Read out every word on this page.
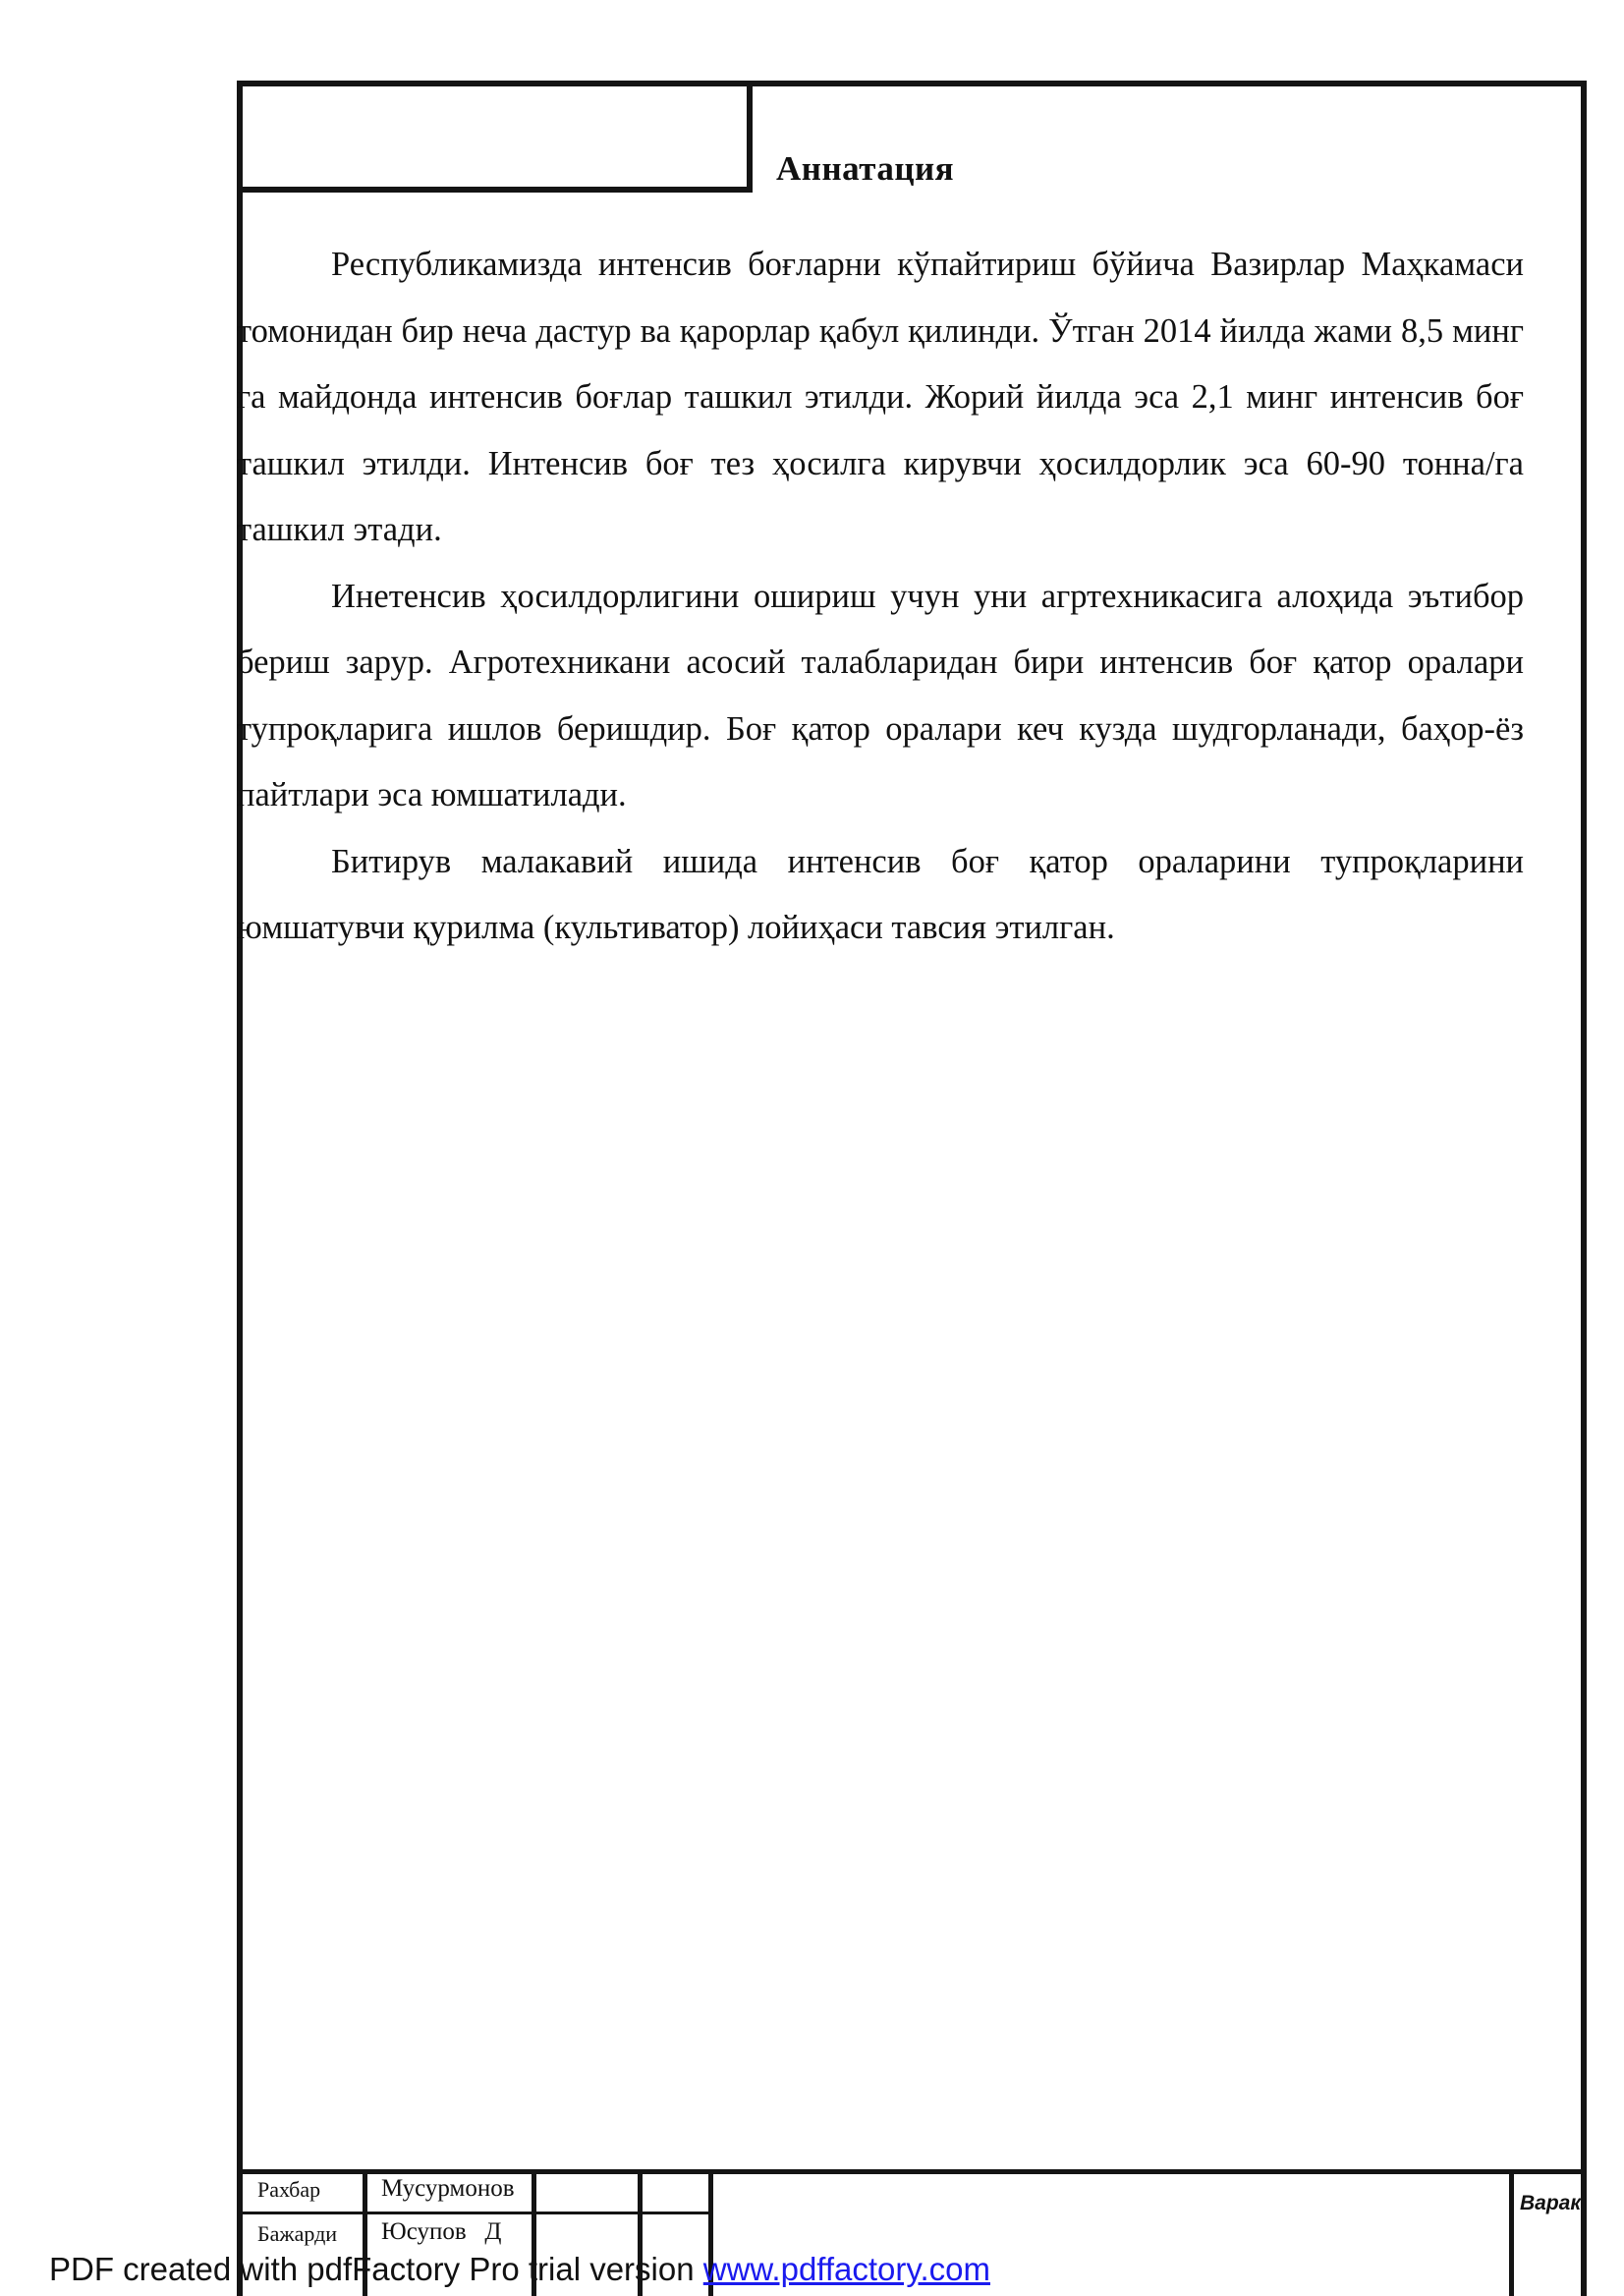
Аннатация

Республикамизда интенсив боғларни кўпайтириш бўйича Вазирлар Маҳкамаси томонидан бир неча дастур ва қарорлар қабул қилинди. Ўтган 2014 йилда жами 8,5 минг га майдонда интенсив боғлар ташкил этилди. Жорий йилда эса 2,1 минг интенсив боғ ташкил этилди. Интенсив боғ тез ҳосилга кирувчи ҳосилдорлик эса 60-90 тонна/га ташкил этади.

Инетенсив ҳосилдорлигини ошириш учун уни агртехникасига алоҳида эътибор бериш зарур. Агротехникани асосий талабларидан бири интенсив боғ қатор оралари тупроқларига ишлов беришдир. Боғ қатор оралари кеч кузда шудгорланади, баҳор-ёз пайтлари эса юмшатилади.

Битирув малакавий ишида интенсив боғ қатор ораларини тупроқларини юмшатувчи қурилма (культиватор) лойиҳаси тавсия этилган.

Рахбар Мусурмонов
Бажарди Юсупов   Д
Варак
PDF created with pdfFactory Pro trial version www.pdffactory.com
